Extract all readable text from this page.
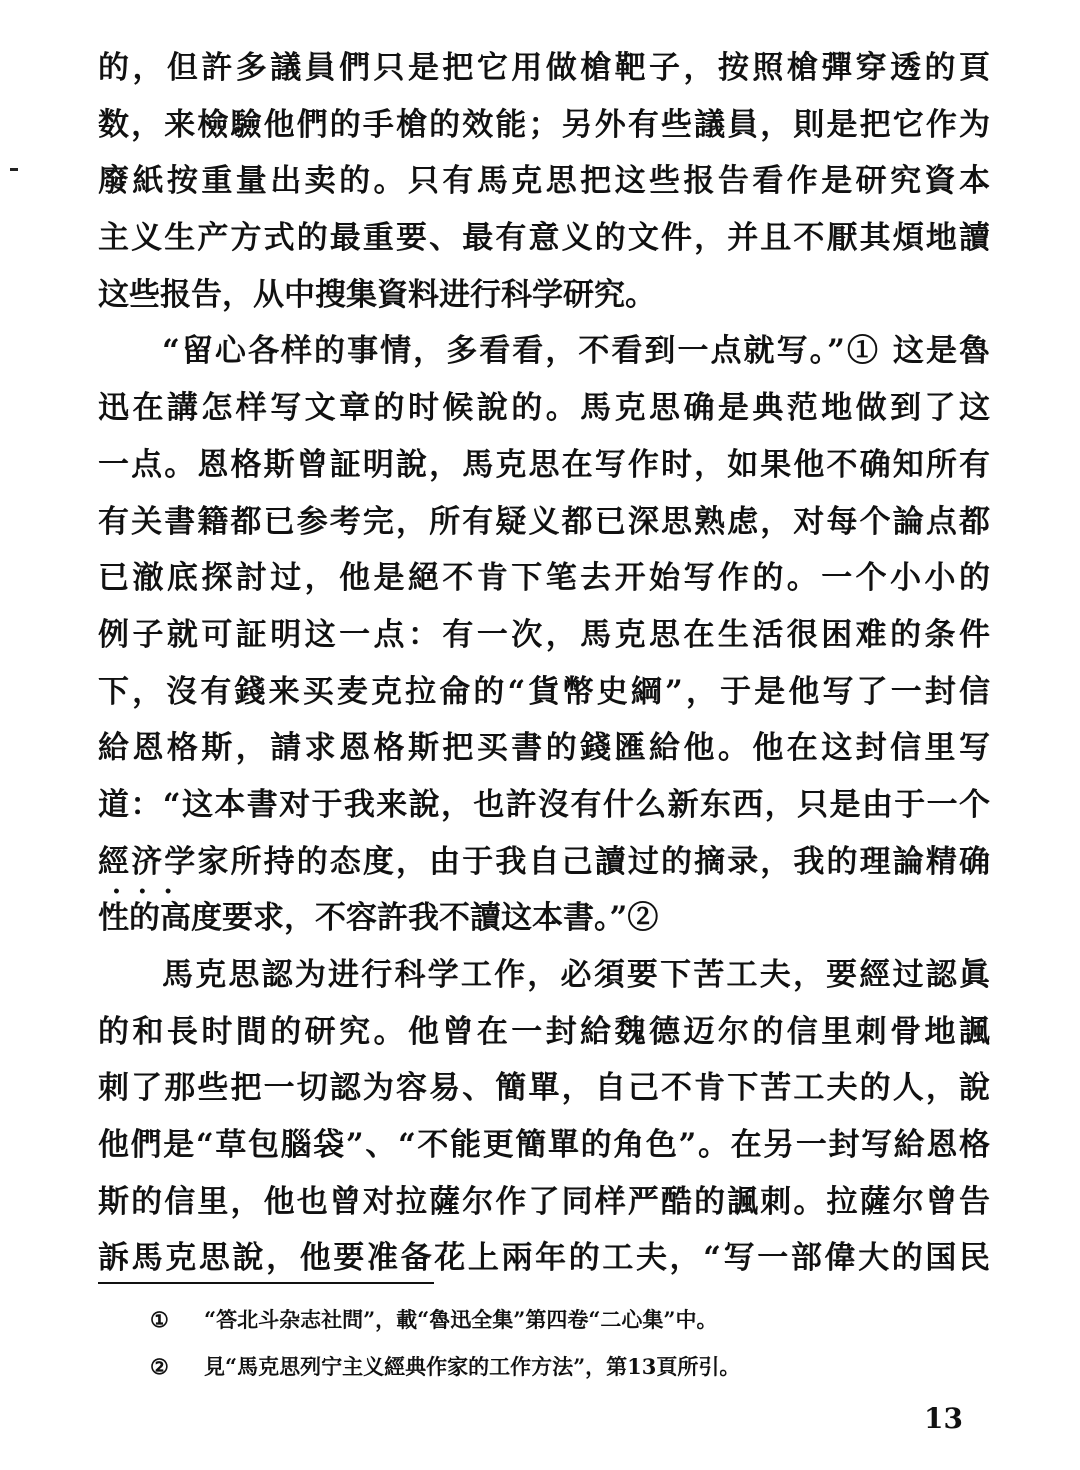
的，但許多議員們只是把它用做槍靶子，按照槍彈穿透的頁
数，来檢驗他們的手槍的效能；另外有些議員，則是把它作为
廢紙按重量出卖的。只有馬克思把这些报告看作是研究資本
主义生产方式的最重要、最有意义的文件，并且不厭其煩地讀
这些报告，从中搜集資料进行科学研究。
“留心各样的事情，多看看，不看到一点就写。”① 这是魯
迅在講怎样写文章的时候說的。馬克思确是典范地做到了这
一点。恩格斯曾証明說，馬克思在写作时，如果他不确知所有
有关書籍都已参考完，所有疑义都已深思熟虑，对每个論点都
已澈底探討过，他是絕不肯下笔去开始写作的。一个小小的
例子就可証明这一点：有一次，馬克思在生活很困难的条件
下，沒有錢来买麦克拉侖的“貨幣史綱”，于是他写了一封信
給恩格斯，請求恩格斯把买書的錢匯給他。他在这封信里写
道：“这本書对于我来說，也許沒有什么新东西，只是由于一个
經济学家所持的态度，由于我自己讀过的摘录，我的理論精确 • • •
性的高度要求，不容許我不讀这本書。”②
馬克思認为进行科学工作，必須要下苦工夫，要經过認眞
的和長时間的研究。他曾在一封給魏德迈尔的信里刺骨地諷
刺了那些把一切認为容易、簡單，自己不肯下苦工夫的人，說
他們是“草包腦袋”、“不能更簡單的角色”。在另一封写給恩格
斯的信里，他也曾对拉薩尔作了同样严酷的諷刺。拉薩尔曾告
訴馬克思說，他要准备花上兩年的工夫，“写一部偉大的国民
① “答北斗杂志社問”，載“魯迅全集”第四卷“二心集”中。
② 見“馬克思列宁主义經典作家的工作方法”，第13頁所引。
13
